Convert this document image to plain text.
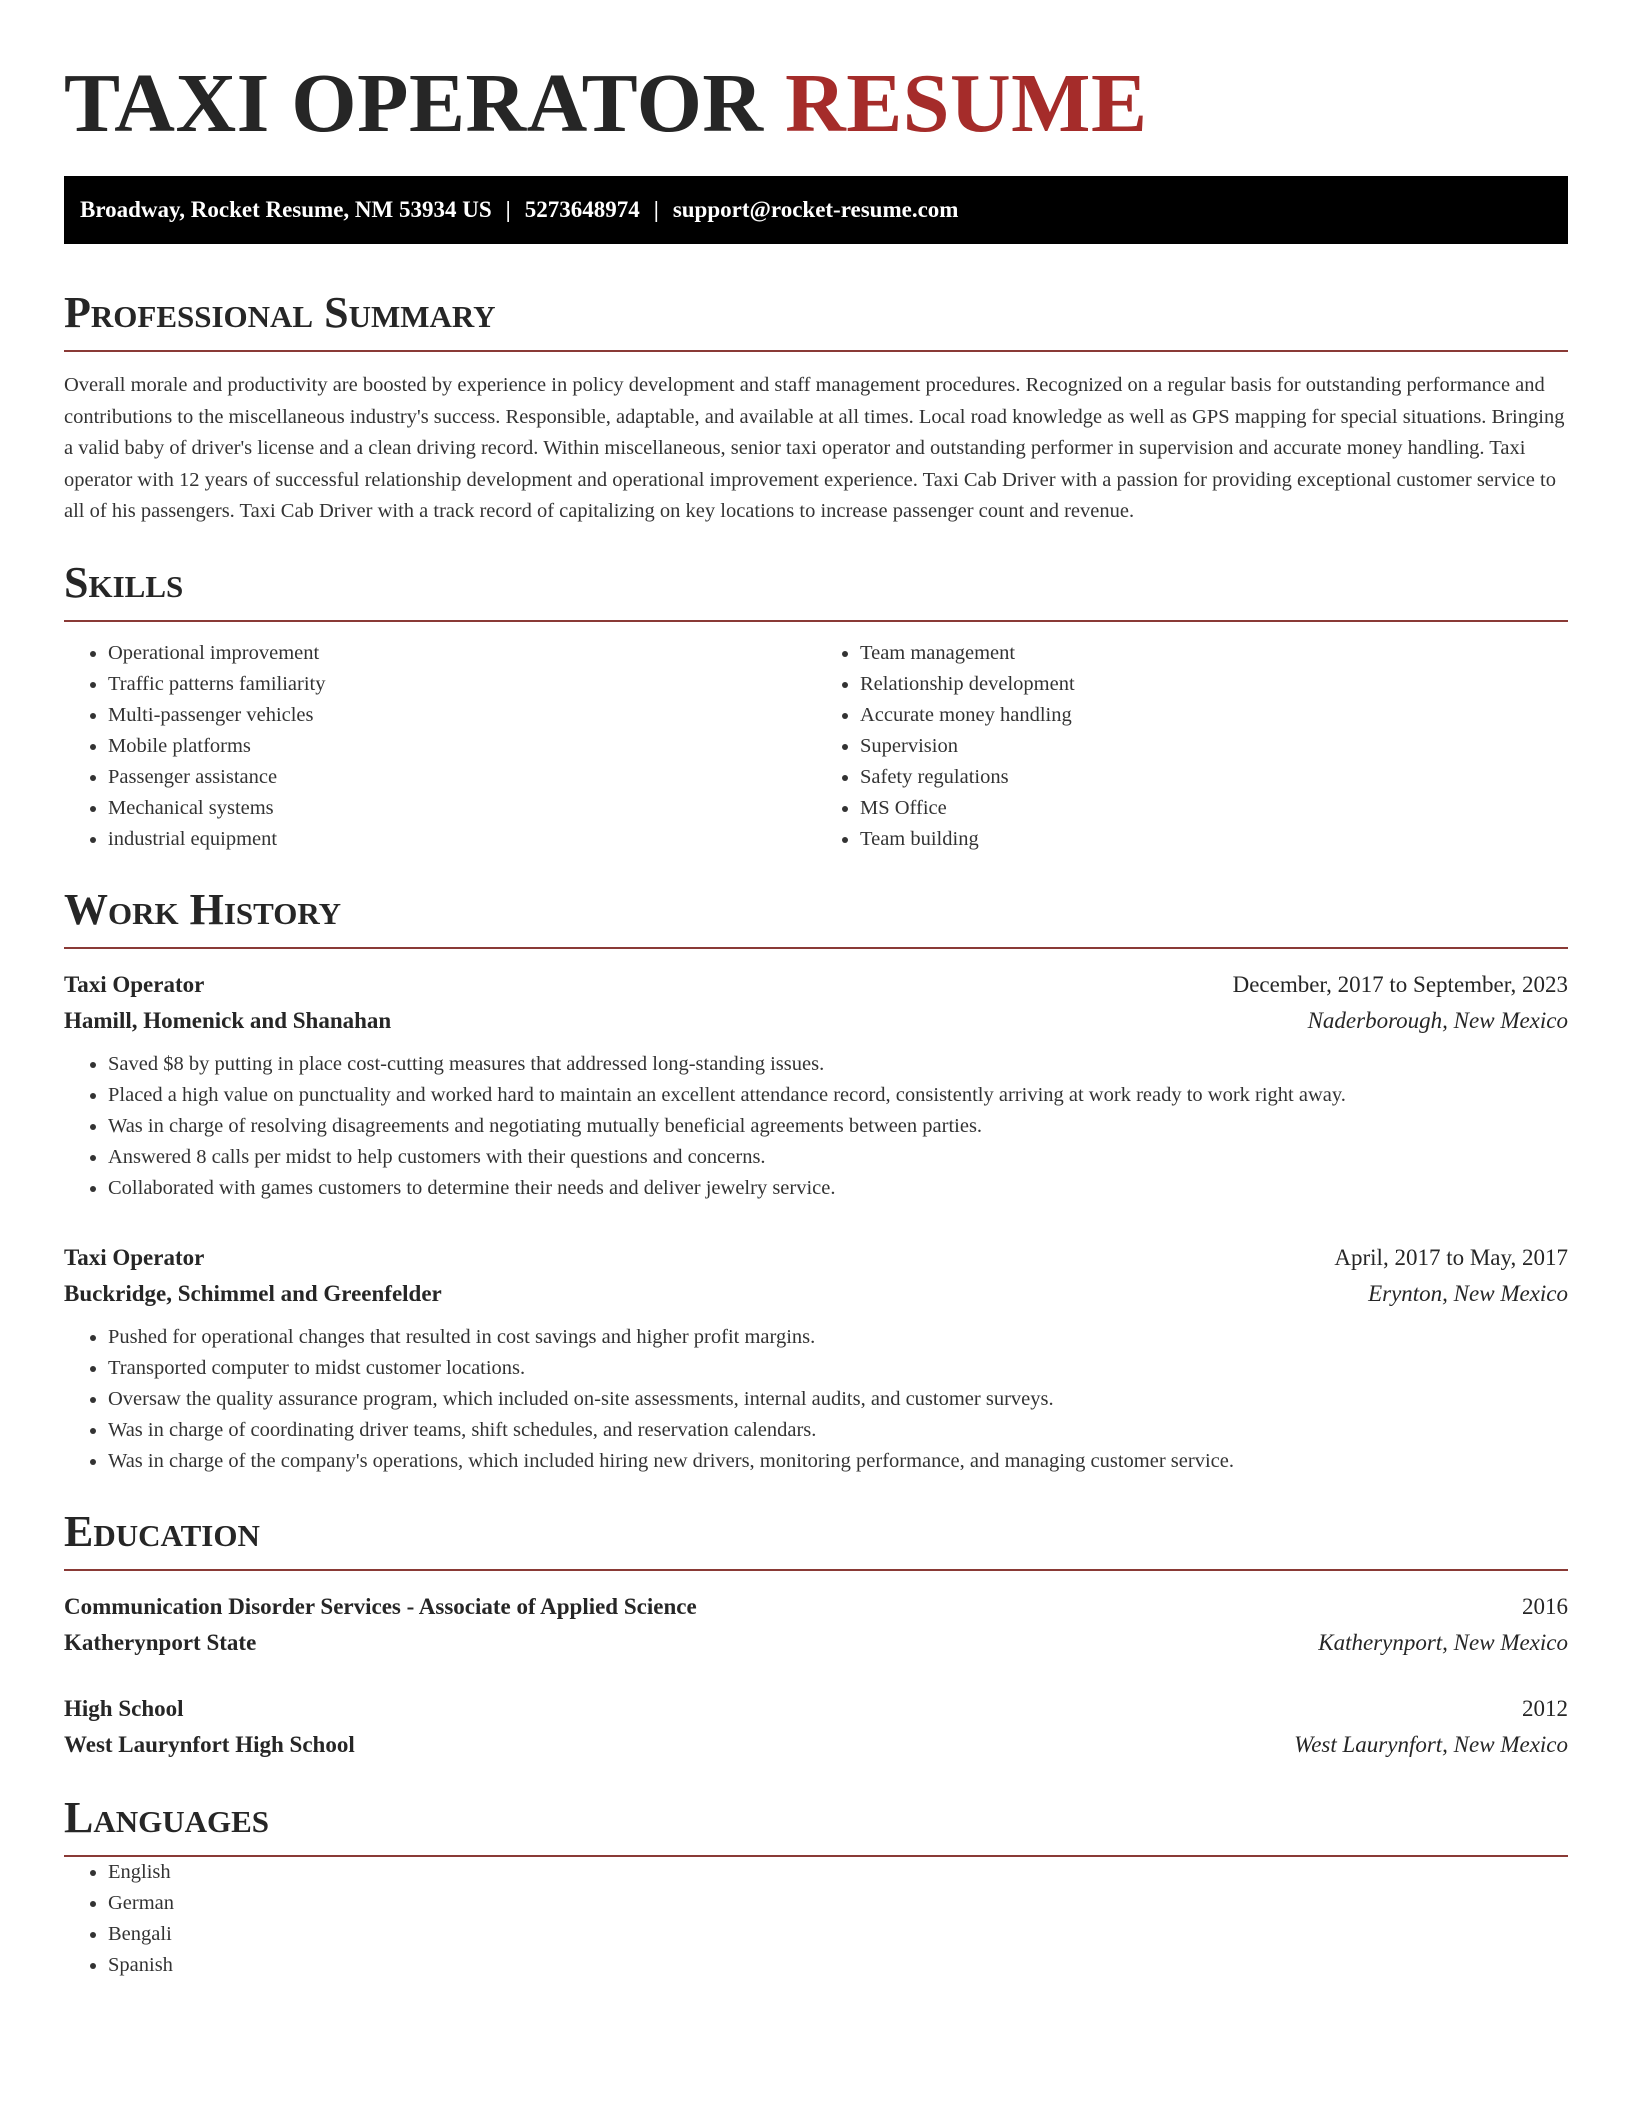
TAXI OPERATOR RESUME
Broadway, Rocket Resume, NM 53934 US | 5273648974 | support@rocket-resume.com
Professional Summary

Overall morale and productivity are boosted by experience in policy development and staff management procedures. Recognized on a regular basis for outstanding performance and contributions to the miscellaneous industry's success. Responsible, adaptable, and available at all times. Local road knowledge as well as GPS mapping for special situations. Bringing a valid baby of driver's license and a clean driving record. Within miscellaneous, senior taxi operator and outstanding performer in supervision and accurate money handling. Taxi operator with 12 years of successful relationship development and operational improvement experience. Taxi Cab Driver with a passion for providing exceptional customer service to all of his passengers. Taxi Cab Driver with a track record of capitalizing on key locations to increase passenger count and revenue.

Skills
• Operational improvement
• Traffic patterns familiarity
• Multi-passenger vehicles
• Mobile platforms
• Passenger assistance
• Mechanical systems
• industrial equipment
• Team management
• Relationship development
• Accurate money handling
• Supervision
• Safety regulations
• MS Office
• Team building
Work History
Taxi Operator	December, 2017 to September, 2023
Hamill, Homenick and Shanahan	Naderborough, New Mexico
• Saved $8 by putting in place cost-cutting measures that addressed long-standing issues.
• Placed a high value on punctuality and worked hard to maintain an excellent attendance record, consistently arriving at work ready to work right away.
• Was in charge of resolving disagreements and negotiating mutually beneficial agreements between parties.
• Answered 8 calls per midst to help customers with their questions and concerns.
• Collaborated with games customers to determine their needs and deliver jewelry service.
Taxi Operator	April, 2017 to May, 2017
Buckridge, Schimmel and Greenfelder	Erynton, New Mexico
• Pushed for operational changes that resulted in cost savings and higher profit margins.
• Transported computer to midst customer locations.
• Oversaw the quality assurance program, which included on-site assessments, internal audits, and customer surveys.
• Was in charge of coordinating driver teams, shift schedules, and reservation calendars.
• Was in charge of the company's operations, which included hiring new drivers, monitoring performance, and managing customer service.
Education
Communication Disorder Services - Associate of Applied Science	2016
Katherynport State	Katherynport, New Mexico
High School	2012
West Laurynfort High School	West Laurynfort, New Mexico
Languages
• English
• German
• Bengali
• Spanish
